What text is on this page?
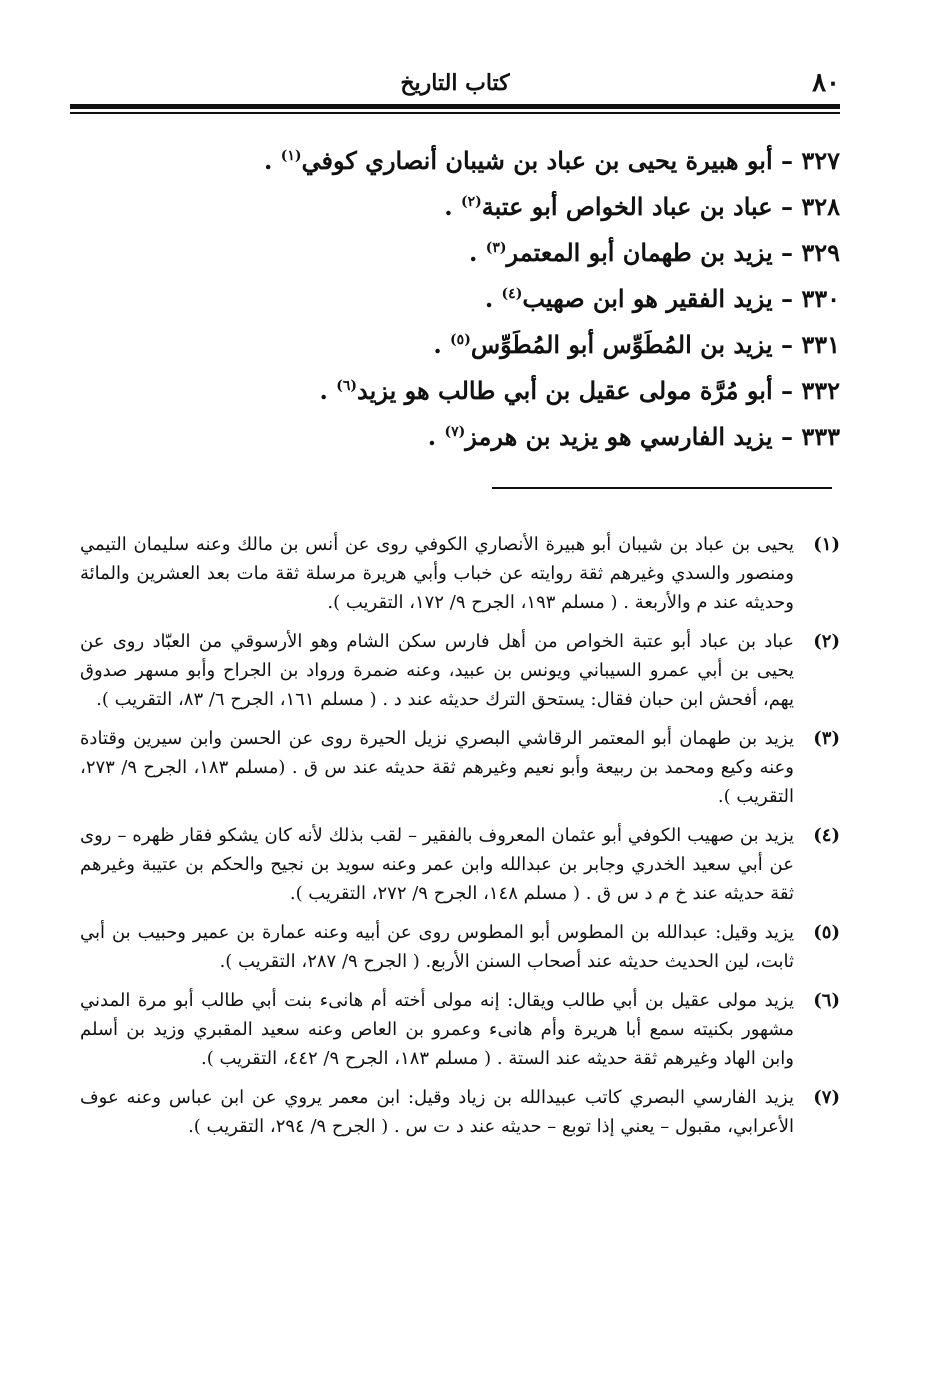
٨٠
كتاب التاريخ
٣٢٧ – أبو هبيرة يحيى بن عباد بن شيبان أنصاري كوفي$^{(١)}$ .
٣٢٨ – عباد بن عباد الخواص أبو عتبة$^{(٢)}$ .
٣٢٩ – يزيد بن طهمان أبو المعتمر$^{(٣)}$ .
٣٣٠ – يزيد الفقير هو ابن صهيب$^{(٤)}$ .
٣٣١ – يزيد بن المُطَوِّس أبو المُطَوِّس$^{(٥)}$ .
٣٣٢ – أبو مُرَّة مولى عقيل بن أبي طالب هو يزيد$^{(٦)}$ .
٣٣٣ – يزيد الفارسي هو يزيد بن هرمز$^{(٧)}$ .
(١)
يحيى بن عباد بن شيبان أبو هبيرة الأنصاري الكوفي روى عن أنس بن مالك وعنه سليمان التيمي ومنصور والسدي وغيرهم ثقة روايته عن خباب وأبي هريرة مرسلة ثقة مات بعد العشرين والمائة وحديثه عند م والأربعة . ( مسلم ١٩٣، الجرح ٩/ ١٧٢، التقريب ).
(٢)
عباد بن عباد أبو عتبة الخواص من أهل فارس سكن الشام وهو الأرسوقي من العبّاد روى عن يحيى بن أبي عمرو السيباني ويونس بن عبيد، وعنه ضمرة ورواد بن الجراح وأبو مسهر صدوق يهم، أفحش ابن حبان فقال: يستحق الترك حديثه عند د . ( مسلم ١٦١، الجرح ٦/ ٨٣، التقريب ).
(٣)
يزيد بن طهمان أبو المعتمر الرقاشي البصري نزيل الحيرة روى عن الحسن وابن سيرين وقتادة وعنه وكيع ومحمد بن ربيعة وأبو نعيم وغيرهم ثقة حديثه عند س ق . (مسلم ١٨٣، الجرح ٩/ ٢٧٣، التقريب ).
(٤)
يزيد بن صهيب الكوفي أبو عثمان المعروف بالفقير – لقب بذلك لأنه كان يشكو فقار ظهره – روى عن أبي سعيد الخدري وجابر بن عبدالله وابن عمر وعنه سويد بن نجيح والحكم بن عتيبة وغيرهم ثقة حديثه عند خ م د س ق . ( مسلم ١٤٨، الجرح ٩/ ٢٧٢، التقريب ).
(٥)
يزيد وقيل: عبدالله بن المطوس أبو المطوس روى عن أبيه وعنه عمارة بن عمير وحبيب بن أبي ثابت، لين الحديث حديثه عند أصحاب السنن الأربع. ( الجرح ٩/ ٢٨٧، التقريب ).
(٦)
يزيد مولى عقيل بن أبي طالب ويقال: إنه مولى أخته أم هانىء بنت أبي طالب أبو مرة المدني مشهور بكنيته سمع أبا هريرة وأم هانىء وعمرو بن العاص وعنه سعيد المقبري وزيد بن أسلم وابن الهاد وغيرهم ثقة حديثه عند الستة . ( مسلم ١٨٣، الجرح ٩/ ٤٤٢، التقريب ).
(٧)
يزيد الفارسي البصري كاتب عبيدالله بن زياد وقيل: ابن معمر يروي عن ابن عباس وعنه عوف الأعرابي، مقبول – يعني إذا توبع – حديثه عند د ت س . ( الجرح ٩/ ٢٩٤، التقريب ).
